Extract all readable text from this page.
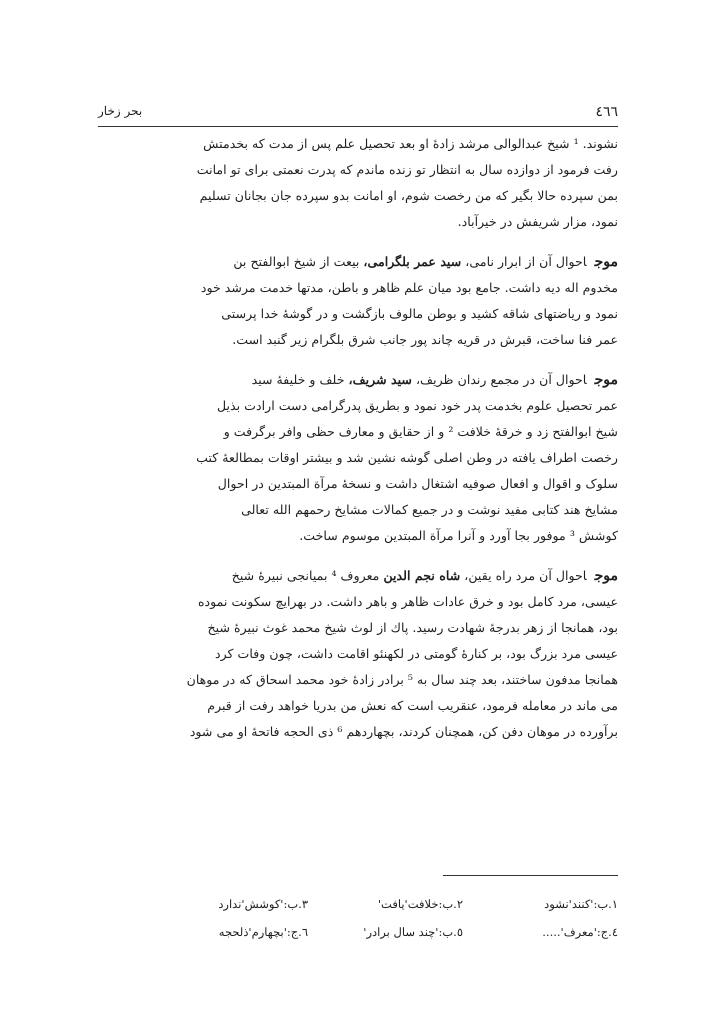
٤٦٦
بحر زخار

نشوند. ¹ شیخ عبدالوالی مرشد زادهٔ او بعد تحصیل علم پس از مدت که بخدمتش
رفت فرمود از دوازده سال به انتظار تو زنده ماندم که پدرت نعمتی برای تو امانت
بمن سپرده حالا بگیر که من رخصت شوم، او امانت بدو سپرده جان بجانان تسلیم
نمود، مزار شریفش در خیرآباد.

موجاحوال آن از ابرار نامی، سید عمر بلگرامی، بیعت از شیخ ابوالفتح بن
مخدوم اله دیه داشت. جامع بود میان علم ظاهر و باطن، مدتها خدمت مرشد خود
نمود و ریاضتهای شاقه کشید و بوطن مالوف بازگشت و در گوشهٔ خدا پرستی
عمر فنا ساخت، قبرش در قریه چاند پور جانب شرق بلگرام زیر گنبد است.

موجاحوال آن در مجمع رندان ظریف، سید شریف، خلف و خلیفهٔ سید
عمر تحصیل علوم بخدمت پدر خود نمود و بطریق پدرگرامی دست ارادت بذیل
شیخ ابوالفتح زد و خرقهٔ خلافت ² و از حقایق و معارف حظی وافر برگرفت و
رخصت اطراف یافته در وطن اصلی گوشه نشین شد و بیشتر اوقات بمطالعهٔ کتب
سلوک و اقوال و افعال صوفیه اشتغال داشت و نسخهٔ مرآة المبتدین در احوال
مشایخ هند کتابی مفید نوشت و در جمیع کمالات مشایخ رحمهم الله تعالی
کوشش ³ موفور بجا آورد و آنرا مرآة المبتدین موسوم ساخت.

موجاحوال آن مرد راه یقین، شاه نجم الدین معروف ⁴ بمیانجی نبیرهٔ شیخ
عیسی، مرد کامل بود و خرق عادات ظاهر و باهر داشت. در بهرایچ سکونت نموده
بود، همانجا از زهر بدرجهٔ شهادت رسید. پاك از لوث شیخ محمد غوث نبیرهٔ شیخ
عیسی مرد بزرگ بود، بر کنارهٔ گومتی در لکهنئو اقامت داشت، چون وفات کرد
همانجا مدفون ساختند، بعد چند سال به ⁵ برادر زادهٔ خود محمد اسحاق که در موهان
می ماند در معامله فرمود، عنقریب است که نعش من بدریا خواهد رفت از قبرم
برآورده در موهان دفن کن، همچنان کردند، بچهاردهم ⁶ ذی الحجه فاتحهٔ او می شود

١.ب:'کنند'نشود
٢.ب:خلافت'یافت'
٣.ب:'کوشش'ندارد
٤.ج:'معرف'.....
٥.ب:'چند سال برادر'
٦.ج:'بچهارم'ذلحجه
